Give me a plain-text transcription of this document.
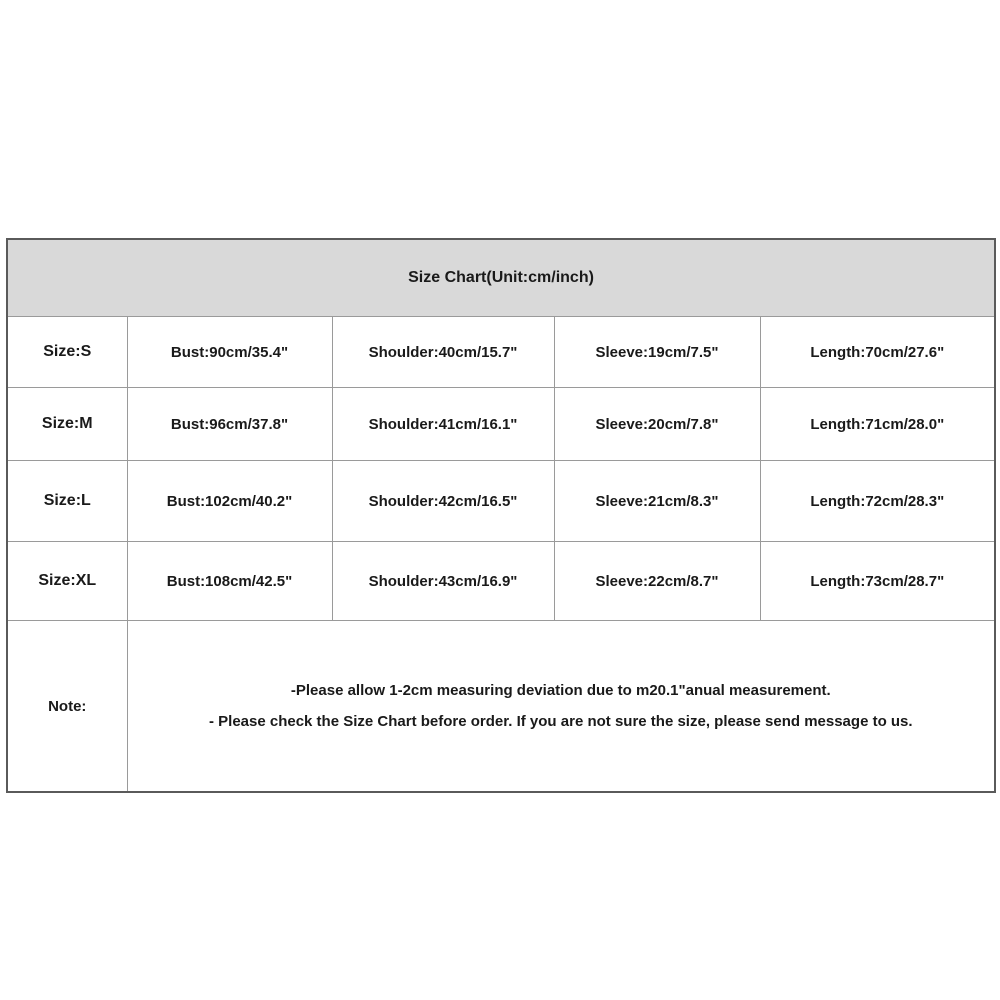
Size Chart(Unit:cm/inch)				
Size:S	Bust:90cm/35.4"	Shoulder:40cm/15.7"	Sleeve:19cm/7.5"	Length:70cm/27.6"
Size:M	Bust:96cm/37.8"	Shoulder:41cm/16.1"	Sleeve:20cm/7.8"	Length:71cm/28.0"
Size:L	Bust:102cm/40.2"	Shoulder:42cm/16.5"	Sleeve:21cm/8.3"	Length:72cm/28.3"
Size:XL	Bust:108cm/42.5"	Shoulder:43cm/16.9"	Sleeve:22cm/8.7"	Length:73cm/28.7"
Note:	-Please allow 1-2cm measuring deviation due to m20.1"anual measurement.

- Please check the Size Chart before order. If you are not sure the size, please send message to us.			
